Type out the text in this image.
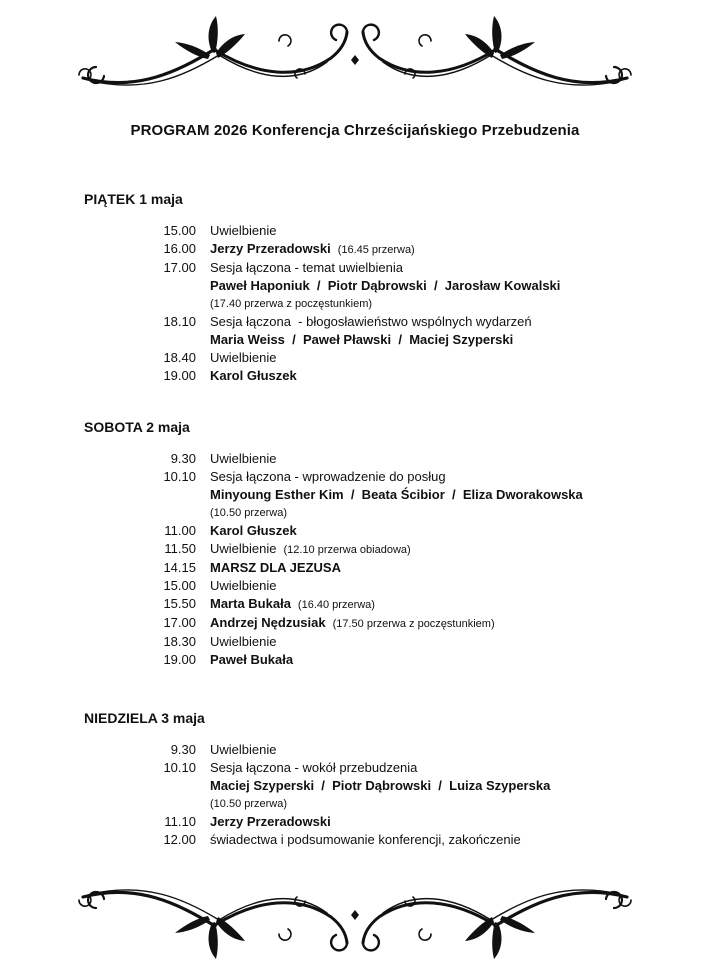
PROGRAM 2026 Konferencja Chrześcijańskiego Przebudzenia
PIĄTEK 1 maja
15.00 Uwielbienie
16.00 Jerzy Przeradowski (16.45 przerwa)
17.00 Sesja łączona - temat uwielbienia
Paweł Haponiuk  /  Piotr Dąbrowski  /  Jarosław Kowalski
(17.40 przerwa z poczęstunkiem)
18.10 Sesja łączona  - błogosławieństwo wspólnych wydarzeń
Maria Weiss  /  Paweł Pławski  /  Maciej Szyperski
18.40 Uwielbienie
19.00 Karol Głuszek
SOBOTA 2 maja
9.30 Uwielbienie
10.10 Sesja łączona - wprowadzenie do posług
Minyoung Esther Kim  /  Beata Ścibior  /  Eliza Dworakowska
(10.50 przerwa)
11.00 Karol Głuszek
11.50 Uwielbienie (12.10 przerwa obiadowa)
14.15 MARSZ DLA JEZUSA
15.00 Uwielbienie
15.50 Marta Bukała (16.40 przerwa)
17.00 Andrzej Nędzusiak (17.50 przerwa z poczęstunkiem)
18.30 Uwielbienie
19.00 Paweł Bukała
NIEDZIELA 3 maja
9.30 Uwielbienie
10.10 Sesja łączona - wokół przebudzenia
Maciej Szyperski  /  Piotr Dąbrowski  /  Luiza Szyperska
(10.50 przerwa)
11.10 Jerzy Przeradowski
12.00 świadectwa i podsumowanie konferencji, zakończenie
